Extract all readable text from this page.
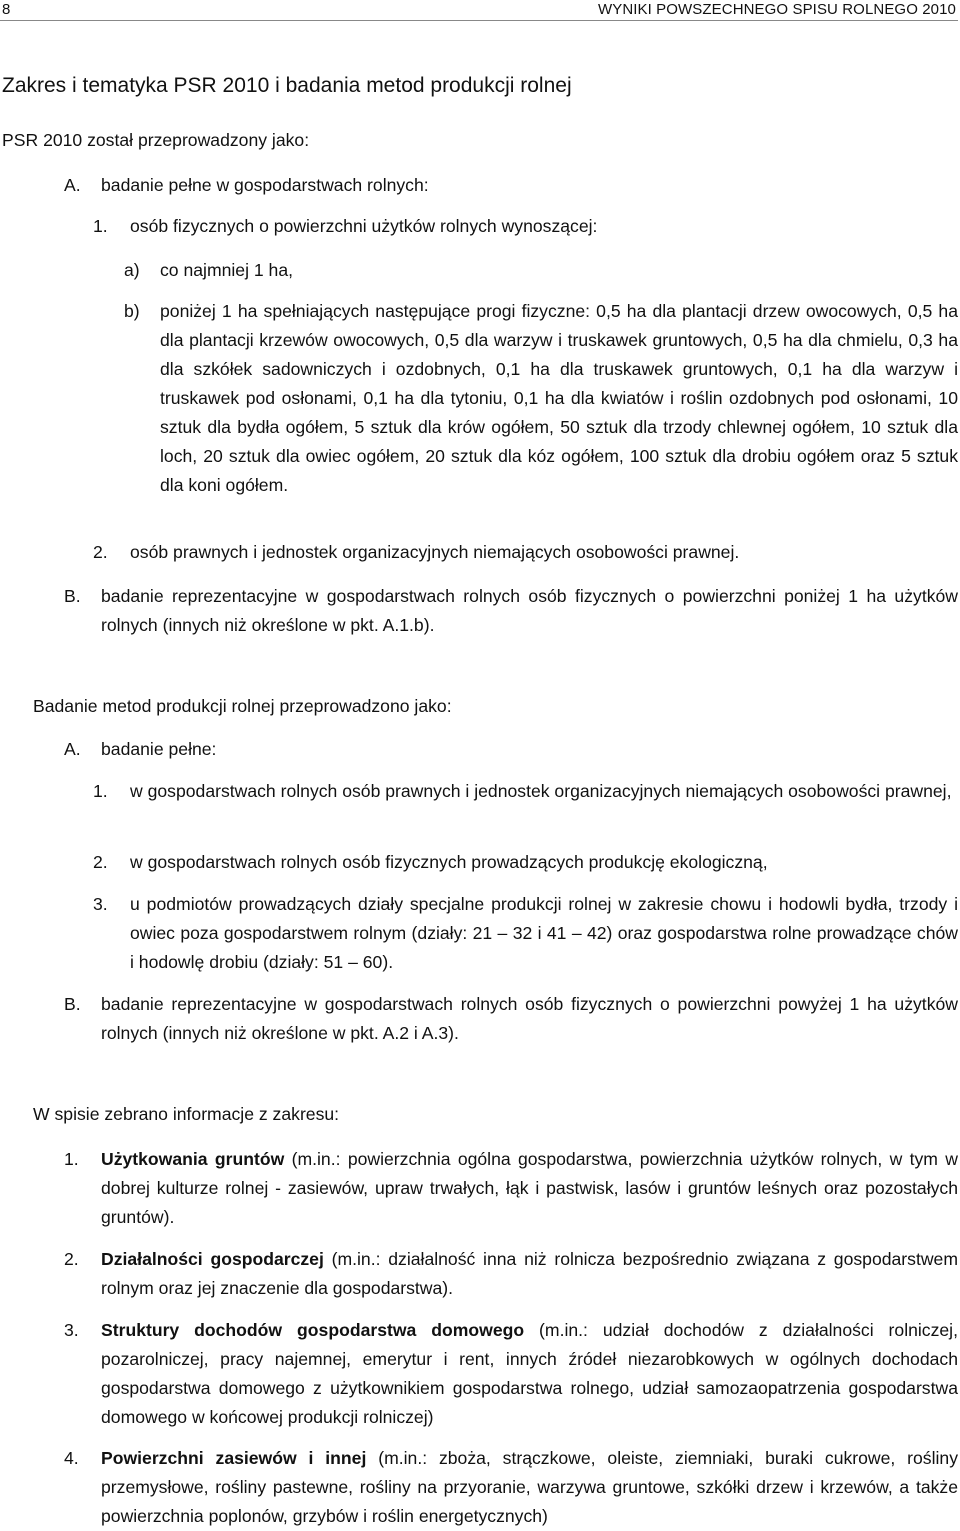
8	WYNIKI POWSZECHNEGO SPISU ROLNEGO 2010
Zakres i tematyka PSR 2010 i badania metod produkcji rolnej
PSR 2010 został przeprowadzony jako:
A. badanie pełne w gospodarstwach rolnych:
1. osób fizycznych o powierzchni użytków rolnych wynoszącej:
a) co najmniej 1 ha,
b) poniżej 1 ha spełniających następujące progi fizyczne: 0,5 ha dla plantacji drzew owocowych, 0,5 ha dla plantacji krzewów owocowych, 0,5 dla warzyw i truskawek gruntowych, 0,5 ha dla chmielu, 0,3 ha dla szkółek sadowniczych i ozdobnych, 0,1 ha dla truskawek gruntowych, 0,1 ha dla warzyw i truskawek pod osłonami, 0,1 ha dla tytoniu, 0,1 ha dla kwiatów i roślin ozdobnych pod osłonami, 10 sztuk dla bydła ogółem, 5 sztuk dla krów ogółem, 50 sztuk dla trzody chlewnej ogółem, 10 sztuk dla loch, 20 sztuk dla owiec ogółem, 20 sztuk dla kóz ogółem, 100 sztuk dla drobiu ogółem oraz 5 sztuk dla koni ogółem.
2. osób prawnych i jednostek organizacyjnych niemających osobowości prawnej.
B. badanie reprezentacyjne w gospodarstwach rolnych osób fizycznych o powierzchni poniżej 1 ha użytków rolnych (innych niż określone w pkt. A.1.b).
Badanie metod produkcji rolnej przeprowadzono jako:
A. badanie pełne:
1. w gospodarstwach rolnych osób prawnych i jednostek organizacyjnych niemających osobowości prawnej,
2. w gospodarstwach rolnych osób fizycznych prowadzących produkcję ekologiczną,
3. u podmiotów prowadzących działy specjalne produkcji rolnej w zakresie chowu i hodowli bydła, trzody i owiec poza gospodarstwem rolnym (działy: 21 – 32 i 41 – 42) oraz gospodarstwa rolne prowadzące chów i hodowlę drobiu (działy: 51 – 60).
B. badanie reprezentacyjne w gospodarstwach rolnych osób fizycznych o powierzchni powyżej 1 ha użytków rolnych (innych niż określone w pkt. A.2 i A.3).
W spisie zebrano informacje z zakresu:
1. Użytkowania gruntów (m.in.: powierzchnia ogólna gospodarstwa, powierzchnia użytków rolnych, w tym w dobrej kulturze rolnej - zasiewów, upraw trwałych, łąk i pastwisk, lasów i gruntów leśnych oraz pozostałych gruntów).
2. Działalności gospodarczej (m.in.: działalność inna niż rolnicza bezpośrednio związana z gospodarstwem rolnym oraz jej znaczenie dla gospodarstwa).
3. Struktury dochodów gospodarstwa domowego (m.in.: udział dochodów z działalności rolniczej, pozarolniczej, pracy najemnej, emerytur i rent, innych źródeł niezarobkowych w ogólnych dochodach gospodarstwa domowego z użytkownikiem gospodarstwa rolnego, udział samozaopatrzenia gospodarstwa domowego w końcowej produkcji rolniczej)
4. Powierzchni zasiewów i innej (m.in.: zboża, strączkowe, oleiste, ziemniaki, buraki cukrowe, rośliny przemysłowe, rośliny pastewne, rośliny na przyoranie, warzywa gruntowe, szkółki drzew i krzewów, a także powierzchnia poplonów, grzybów i roślin energetycznych)
